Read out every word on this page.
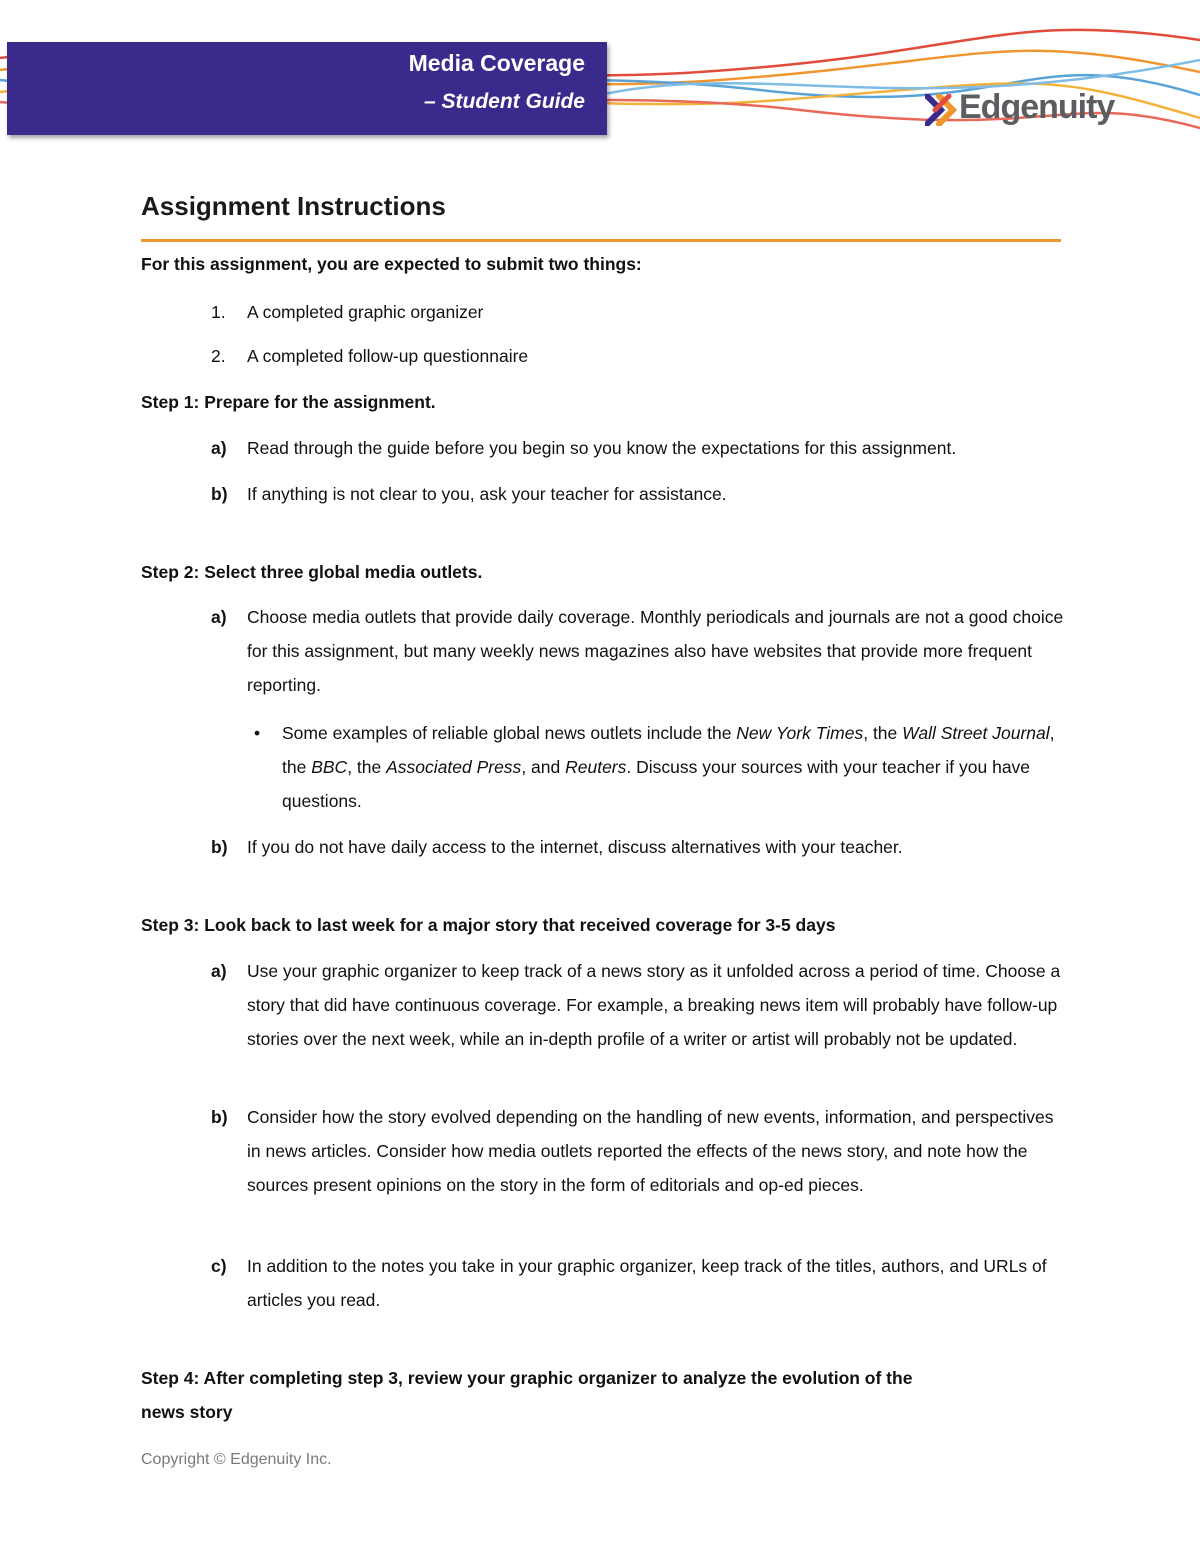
Media Coverage
– Student Guide	Edgenuity
Assignment Instructions
For this assignment, you are expected to submit two things:
1. A completed graphic organizer
2. A completed follow-up questionnaire
Step 1: Prepare for the assignment.
a) Read through the guide before you begin so you know the expectations for this assignment.
b) If anything is not clear to you, ask your teacher for assistance.
Step 2: Select three global media outlets.
a) Choose media outlets that provide daily coverage. Monthly periodicals and journals are not a good choice for this assignment, but many weekly news magazines also have websites that provide more frequent reporting.
• Some examples of reliable global news outlets include the New York Times, the Wall Street Journal, the BBC, the Associated Press, and Reuters. Discuss your sources with your teacher if you have questions.
b) If you do not have daily access to the internet, discuss alternatives with your teacher.
Step 3: Look back to last week for a major story that received coverage for 3-5 days
a) Use your graphic organizer to keep track of a news story as it unfolded across a period of time. Choose a story that did have continuous coverage. For example, a breaking news item will probably have follow-up stories over the next week, while an in-depth profile of a writer or artist will probably not be updated.
b) Consider how the story evolved depending on the handling of new events, information, and perspectives in news articles. Consider how media outlets reported the effects of the news story, and note how the sources present opinions on the story in the form of editorials and op-ed pieces.
c) In addition to the notes you take in your graphic organizer, keep track of the titles, authors, and URLs of articles you read.
Step 4: After completing step 3, review your graphic organizer to analyze the evolution of the
news story
Copyright © Edgenuity Inc.
